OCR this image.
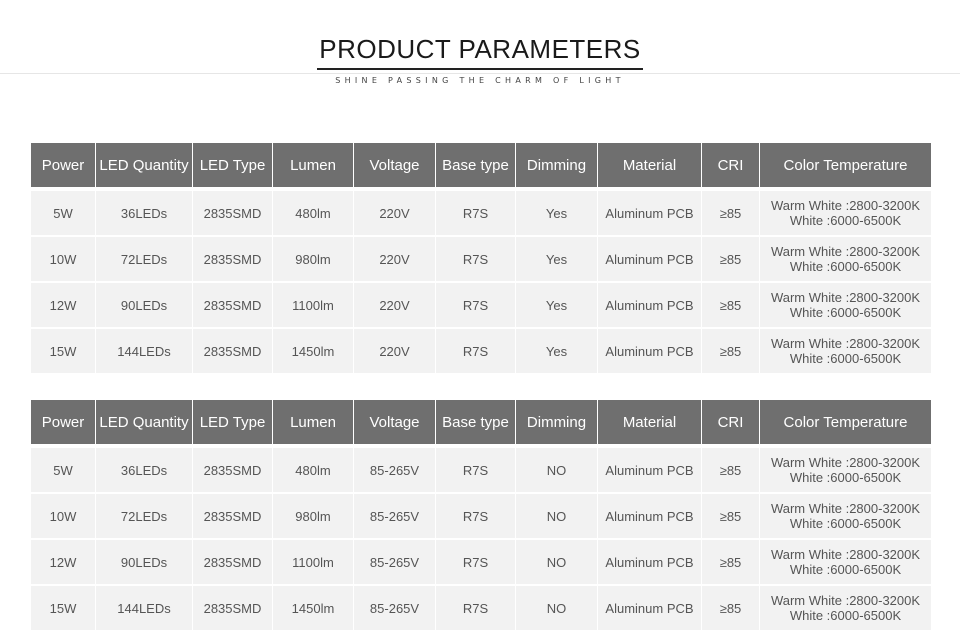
PRODUCT PARAMETERS
SHINE PASSING THE CHARM OF LIGHT
Power	LED Quantity	LED Type	Lumen	Voltage	Base type	Dimming	Material	CRI	Color Temperature
5W	36LEDs	2835SMD	480lm	220V	R7S	Yes	Aluminum PCB	≥85	Warm White :2800-3200K
White :6000-6500K

10W	72LEDs	2835SMD	980lm	220V	R7S	Yes	Aluminum PCB	≥85	Warm White :2800-3200K
White :6000-6500K

12W	90LEDs	2835SMD	1100lm	220V	R7S	Yes	Aluminum PCB	≥85	Warm White :2800-3200K
White :6000-6500K

15W	144LEDs	2835SMD	1450lm	220V	R7S	Yes	Aluminum PCB	≥85	Warm White :2800-3200K
White :6000-6500K
Power	LED Quantity	LED Type	Lumen	Voltage	Base type	Dimming	Material	CRI	Color Temperature
5W	36LEDs	2835SMD	480lm	85-265V	R7S	NO	Aluminum PCB	≥85	Warm White :2800-3200K
White :6000-6500K

10W	72LEDs	2835SMD	980lm	85-265V	R7S	NO	Aluminum PCB	≥85	Warm White :2800-3200K
White :6000-6500K

12W	90LEDs	2835SMD	1100lm	85-265V	R7S	NO	Aluminum PCB	≥85	Warm White :2800-3200K
White :6000-6500K

15W	144LEDs	2835SMD	1450lm	85-265V	R7S	NO	Aluminum PCB	≥85	Warm White :2800-3200K
White :6000-6500K
